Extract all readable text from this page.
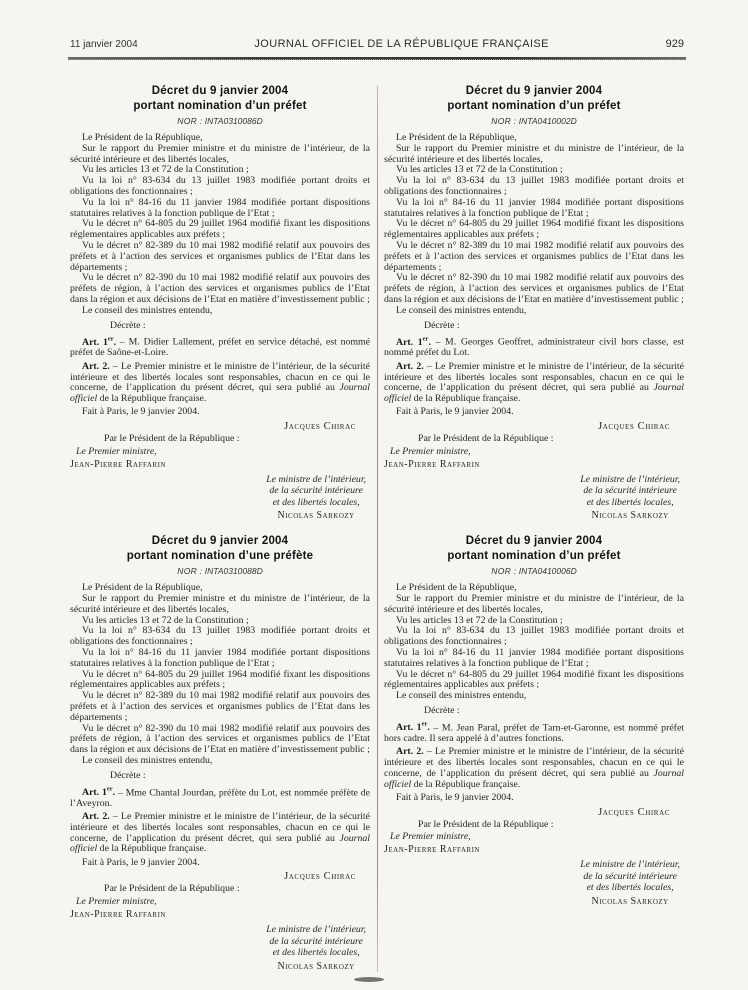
11 janvier 2004	JOURNAL OFFICIEL DE LA RÉPUBLIQUE FRANÇAISE	929
Décret du 9 janvier 2004
portant nomination d’un préfet

NOR : INTA0310086D

Le Président de la République,

Sur le rapport du Premier ministre et du ministre de l’intérieur, de la sécurité intérieure et des libertés locales,

Vu les articles 13 et 72 de la Constitution ;

Vu la loi n° 83-634 du 13 juillet 1983 modifiée portant droits et obligations des fonctionnaires ;

Vu la loi n° 84-16 du 11 janvier 1984 modifiée portant dispositions statutaires relatives à la fonction publique de l’Etat ;

Vu le décret n° 64-805 du 29 juillet 1964 modifié fixant les dispositions réglementaires applicables aux préfets ;

Vu le décret n° 82-389 du 10 mai 1982 modifié relatif aux pouvoirs des préfets et à l’action des services et organismes publics de l’Etat dans les départements ;

Vu le décret n° 82-390 du 10 mai 1982 modifié relatif aux pouvoirs des préfets de région, à l’action des services et organismes publics de l’Etat dans la région et aux décisions de l’Etat en matière d’investissement public ;

Le conseil des ministres entendu,

Décrète :

Art. 1er. – M. Didier Lallement, préfet en service détaché, est nommé préfet de Saône-et-Loire.

Art. 2. – Le Premier ministre et le ministre de l’intérieur, de la sécurité intérieure et des libertés locales sont responsables, chacun en ce qui le concerne, de l’application du présent décret, qui sera publié au Journal officiel de la République française.

Fait à Paris, le 9 janvier 2004.

Jacques Chirac

Par le Président de la République :

Le Premier ministre,

Jean-Pierre Raffarin

Le ministre de l’intérieur,
de la sécurité intérieure
et des libertés locales,
Nicolas Sarkozy
Décret du 9 janvier 2004
portant nomination d’une préfète

NOR : INTA0310088D

Le Président de la République,

Sur le rapport du Premier ministre et du ministre de l’intérieur, de la sécurité intérieure et des libertés locales,

Vu les articles 13 et 72 de la Constitution ;

Vu la loi n° 83-634 du 13 juillet 1983 modifiée portant droits et obligations des fonctionnaires ;

Vu la loi n° 84-16 du 11 janvier 1984 modifiée portant dispositions statutaires relatives à la fonction publique de l’Etat ;

Vu le décret n° 64-805 du 29 juillet 1964 modifié fixant les dispositions réglementaires applicables aux préfets ;

Vu le décret n° 82-389 du 10 mai 1982 modifié relatif aux pouvoirs des préfets et à l’action des services et organismes publics de l’Etat dans les départements ;

Vu le décret n° 82-390 du 10 mai 1982 modifié relatif aux pouvoirs des préfets de région, à l’action des services et organismes publics de l’Etat dans la région et aux décisions de l’Etat en matière d’investissement public ;

Le conseil des ministres entendu,

Décrète :

Art. 1er. – Mme Chantal Jourdan, préfète du Lot, est nommée préfète de l’Aveyron.

Art. 2. – Le Premier ministre et le ministre de l’intérieur, de la sécurité intérieure et des libertés locales sont responsables, chacun en ce qui le concerne, de l’application du présent décret, qui sera publié au Journal officiel de la République française.

Fait à Paris, le 9 janvier 2004.

Jacques Chirac

Par le Président de la République :

Le Premier ministre,

Jean-Pierre Raffarin

Le ministre de l’intérieur,
de la sécurité intérieure
et des libertés locales,
Nicolas Sarkozy
Décret du 9 janvier 2004
portant nomination d’un préfet

NOR : INTA0410002D

Le Président de la République,

Sur le rapport du Premier ministre et du ministre de l’intérieur, de la sécurité intérieure et des libertés locales,

Vu les articles 13 et 72 de la Constitution ;

Vu la loi n° 83-634 du 13 juillet 1983 modifiée portant droits et obligations des fonctionnaires ;

Vu la loi n° 84-16 du 11 janvier 1984 modifiée portant dispositions statutaires relatives à la fonction publique de l’Etat ;

Vu le décret n° 64-805 du 29 juillet 1964 modifié fixant les dispositions réglementaires applicables aux préfets ;

Vu le décret n° 82-389 du 10 mai 1982 modifié relatif aux pouvoirs des préfets et à l’action des services et organismes publics de l’Etat dans les départements ;

Vu le décret n° 82-390 du 10 mai 1982 modifié relatif aux pouvoirs des préfets de région, à l’action des services et organismes publics de l’Etat dans la région et aux décisions de l’Etat en matière d’investissement public ;

Le conseil des ministres entendu,

Décrète :

Art. 1er. – M. Georges Geoffret, administrateur civil hors classe, est nommé préfet du Lot.

Art. 2. – Le Premier ministre et le ministre de l’intérieur, de la sécurité intérieure et des libertés locales sont responsables, chacun en ce qui le concerne, de l’application du présent décret, qui sera publié au Journal officiel de la République française.

Fait à Paris, le 9 janvier 2004.

Jacques Chirac

Par le Président de la République :

Le Premier ministre,

Jean-Pierre Raffarin

Le ministre de l’intérieur,
de la sécurité intérieure
et des libertés locales,
Nicolas Sarkozy
Décret du 9 janvier 2004
portant nomination d’un préfet

NOR : INTA0410006D

Le Président de la République,

Sur le rapport du Premier ministre et du ministre de l’intérieur, de la sécurité intérieure et des libertés locales,

Vu les articles 13 et 72 de la Constitution ;

Vu la loi n° 83-634 du 13 juillet 1983 modifiée portant droits et obligations des fonctionnaires ;

Vu la loi n° 84-16 du 11 janvier 1984 modifiée portant dispositions statutaires relatives à la fonction publique de l’Etat ;

Vu le décret n° 64-805 du 29 juillet 1964 modifié fixant les dispositions réglementaires applicables aux préfets ;

Le conseil des ministres entendu,

Décrète :

Art. 1er. – M. Jean Paral, préfet de Tarn-et-Garonne, est nommé préfet hors cadre. Il sera appelé à d’autres fonctions.

Art. 2. – Le Premier ministre et le ministre de l’intérieur, de la sécurité intérieure et des libertés locales sont responsables, chacun en ce qui le concerne, de l’application du présent décret, qui sera publié au Journal officiel de la République française.

Fait à Paris, le 9 janvier 2004.

Jacques Chirac

Par le Président de la République :

Le Premier ministre,

Jean-Pierre Raffarin

Le ministre de l’intérieur,
de la sécurité intérieure
et des libertés locales,
Nicolas Sarkozy
